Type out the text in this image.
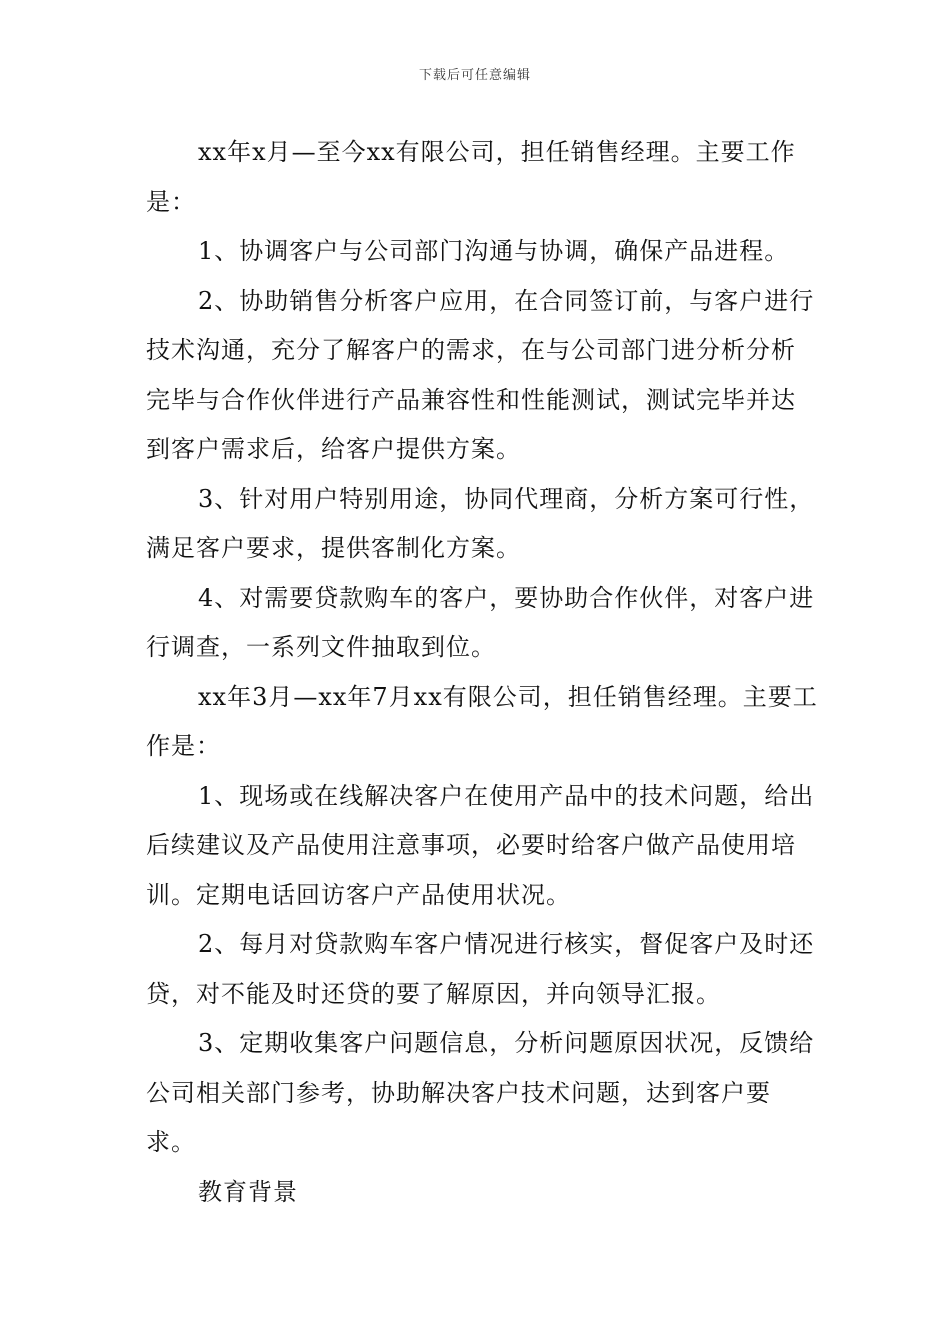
下载后可任意编辑

xx年x月—至今xx有限公司，担任销售经理。主要工作是：

1、协调客户与公司部门沟通与协调，确保产品进程。

2、协助销售分析客户应用，在合同签订前，与客户进行技术沟通，充分了解客户的需求，在与公司部门进分析分析完毕与合作伙伴进行产品兼容性和性能测试，测试完毕并达到客户需求后，给客户提供方案。

3、针对用户特别用途，协同代理商，分析方案可行性，满足客户要求，提供客制化方案。

4、对需要贷款购车的客户，要协助合作伙伴，对客户进行调查，一系列文件抽取到位。

xx年3月—xx年7月xx有限公司，担任销售经理。主要工作是：

1、现场或在线解决客户在使用产品中的技术问题，给出后续建议及产品使用注意事项，必要时给客户做产品使用培训。定期电话回访客户产品使用状况。

2、每月对贷款购车客户情况进行核实，督促客户及时还贷，对不能及时还贷的要了解原因，并向领导汇报。

3、定期收集客户问题信息，分析问题原因状况，反馈给公司相关部门参考，协助解决客户技术问题，达到客户要求。

教育背景
